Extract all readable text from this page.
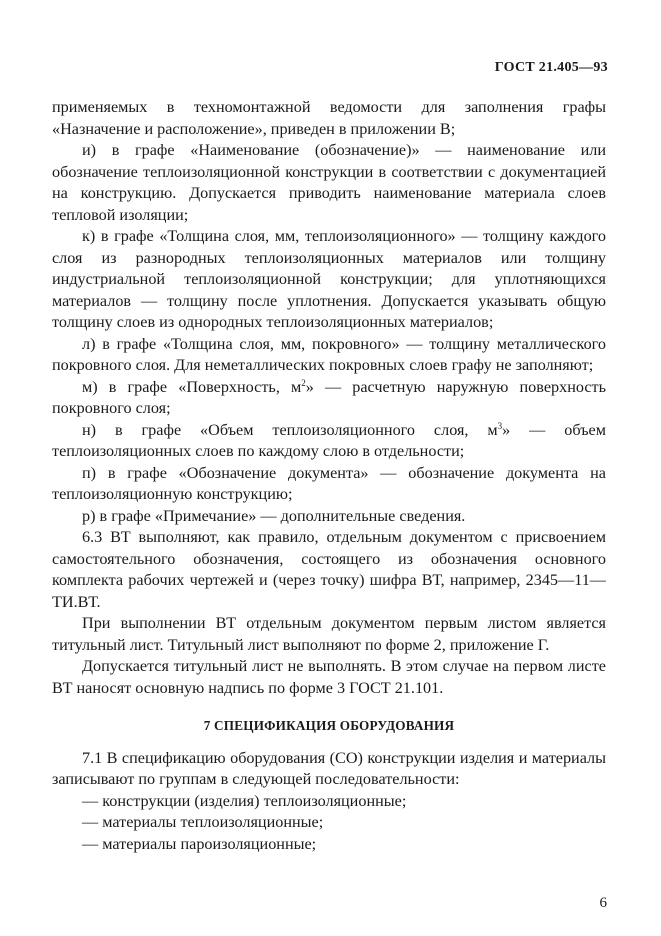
ГОСТ 21.405—93

применяемых в техномонтажной ведомости для заполнения графы «Назначение и расположение», приведен в приложении В;

и) в графе «Наименование (обозначение)» — наименование или обозначение теплоизоляционной конструкции в соответствии с документацией на конструкцию. Допускается приводить наименование материала слоев тепловой изоляции;

к) в графе «Толщина слоя, мм, теплоизоляционного» — толщину каждого слоя из разнородных теплоизоляционных материалов или толщину индустриальной теплоизоляционной конструкции; для уплотняющихся материалов — толщину после уплотнения. Допускается указывать общую толщину слоев из однородных теплоизоляционных материалов;

л) в графе «Толщина слоя, мм, покровного» — толщину металлического покровного слоя. Для неметаллических покровных слоев графу не заполняют;

м) в графе «Поверхность, $м^2$» — расчетную наружную поверхность покровного слоя;

н) в графе «Объем теплоизоляционного слоя, $м^3$» — объем теплоизоляционных слоев по каждому слою в отдельности;

п) в графе «Обозначение документа» — обозначение документа на теплоизоляционную конструкцию;

р) в графе «Примечание» — дополнительные сведения.

6.3 ВТ выполняют, как правило, отдельным документом с присвоением самостоятельного обозначения, состоящего из обозначения основного комплекта рабочих чертежей и (через точку) шифра ВТ, например, 2345—11—ТИ.ВТ.

При выполнении ВТ отдельным документом первым листом является титульный лист. Титульный лист выполняют по форме 2, приложение Г.

Допускается титульный лист не выполнять. В этом случае на первом листе ВТ наносят основную надпись по форме 3 ГОСТ 21.101.

7 СПЕЦИФИКАЦИЯ ОБОРУДОВАНИЯ

7.1 В спецификацию оборудования (СО) конструкции изделия и материалы записывают по группам в следующей последовательности:

— конструкции (изделия) теплоизоляционные;

— материалы теплоизоляционные;

— материалы пароизоляционные;

6
